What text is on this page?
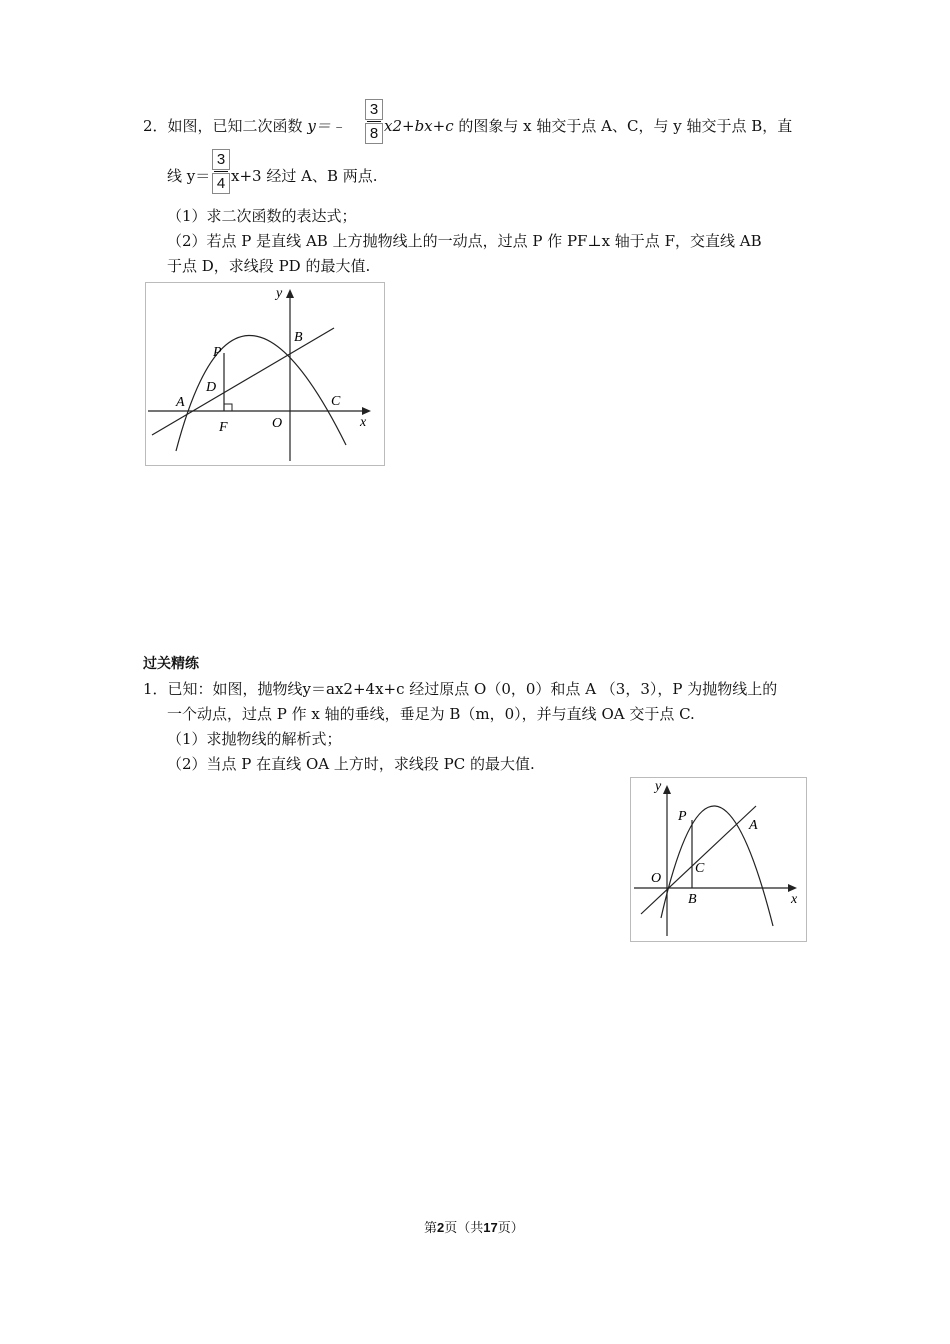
2．如图，已知二次函数 y＝﹣ $\frac{3}{8} x2+bx+c$ 的图象与 x 轴交于点 A、C，与 y 轴交于点 B，直
线 $y= \frac{3}{4} x+3$ 经过 A、B 两点.
（1）求二次函数的表达式；
（2）若点 P 是直线 AB 上方抛物线上的一动点，过点 P 作 PF⊥x 轴于点 F，交直线 AB
于点 D，求线段 PD 的最大值.
y
x
B
P
D
A	C
F	O
过关精练
1．已知：如图，抛物线y＝ax2+4x+c 经过原点 O（0，0）和点 A （3，3），P 为抛物线上的
一个动点，过点 P 作 x 轴的垂线，垂足为 B（m，0），并与直线 OA 交于点 C.
（1）求抛物线的解析式；
（2）当点 P 在直线 OA 上方时，求线段 PC 的最大值.
y
x
P
A
C
O
B
第2页（共17页）
